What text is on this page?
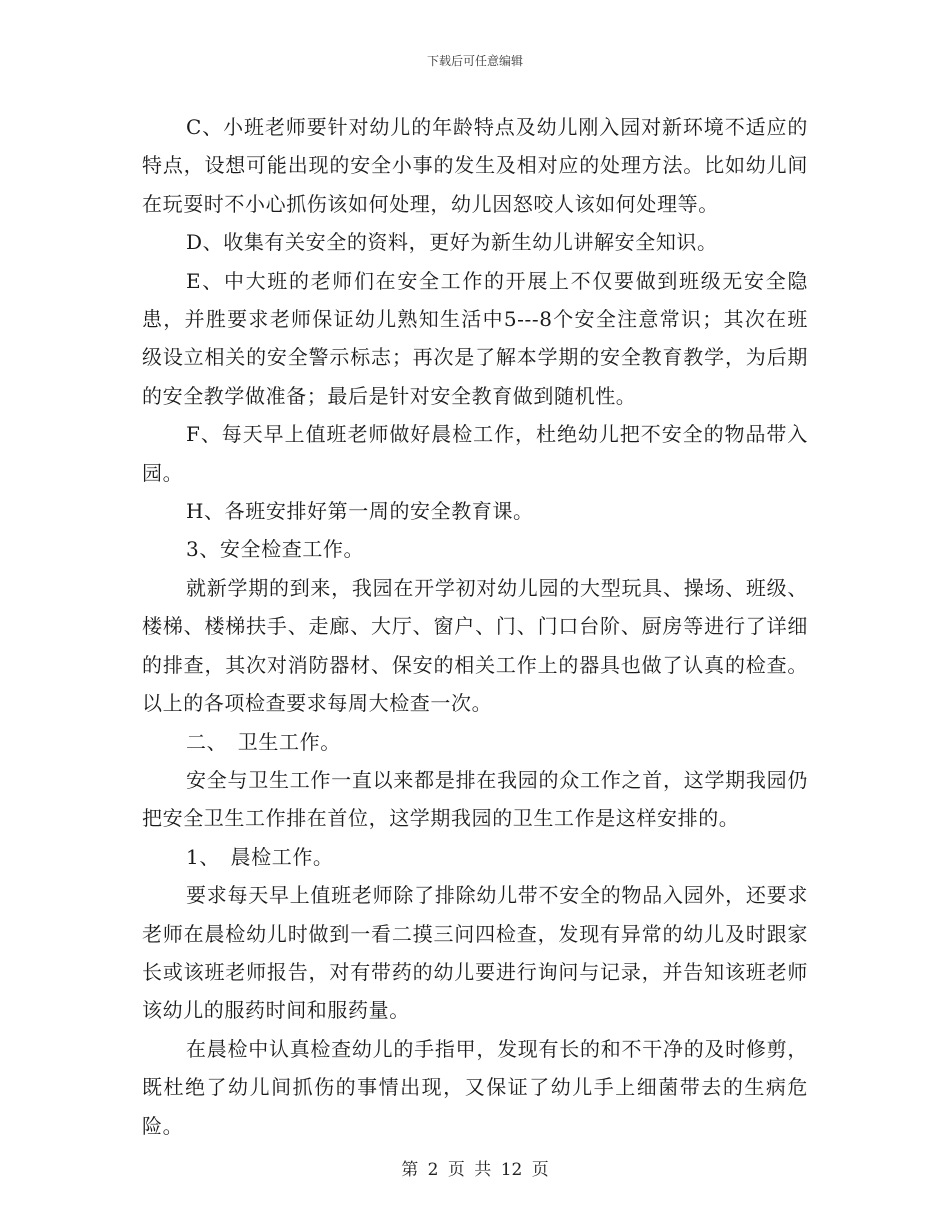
下载后可任意编辑

C、小班老师要针对幼儿的年龄特点及幼儿刚入园对新环境不适应的特点，设想可能出现的安全小事的发生及相对应的处理方法。比如幼儿间在玩耍时不小心抓伤该如何处理，幼儿因怒咬人该如何处理等。

D、收集有关安全的资料，更好为新生幼儿讲解安全知识。

E、中大班的老师们在安全工作的开展上不仅要做到班级无安全隐患，并胜要求老师保证幼儿熟知生活中5---8个安全注意常识；其次在班级设立相关的安全警示标志；再次是了解本学期的安全教育教学，为后期的安全教学做准备；最后是针对安全教育做到随机性。

F、每天早上值班老师做好晨检工作，杜绝幼儿把不安全的物品带入园。

H、各班安排好第一周的安全教育课。

3、安全检查工作。

就新学期的到来，我园在开学初对幼儿园的大型玩具、操场、班级、楼梯、楼梯扶手、走廊、大厅、窗户、门、门口台阶、厨房等进行了详细的排查，其次对消防器材、保安的相关工作上的器具也做了认真的检查。以上的各项检查要求每周大检查一次。

二、　卫生工作。

安全与卫生工作一直以来都是排在我园的众工作之首，这学期我园仍把安全卫生工作排在首位，这学期我园的卫生工作是这样安排的。

1、　晨检工作。

要求每天早上值班老师除了排除幼儿带不安全的物品入园外，还要求老师在晨检幼儿时做到一看二摸三问四检查，发现有异常的幼儿及时跟家长或该班老师报告，对有带药的幼儿要进行询问与记录，并告知该班老师该幼儿的服药时间和服药量。

在晨检中认真检查幼儿的手指甲，发现有长的和不干净的及时修剪，既杜绝了幼儿间抓伤的事情出现，又保证了幼儿手上细菌带去的生病危险。

第 2 页 共 12 页
